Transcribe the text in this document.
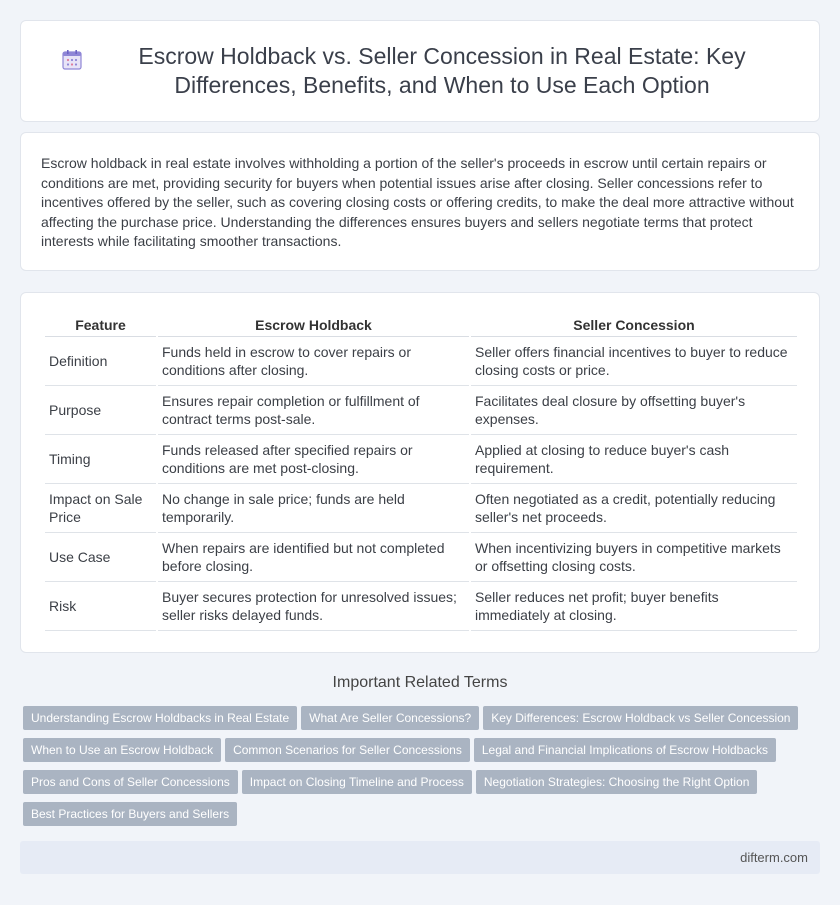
Escrow Holdback vs. Seller Concession in Real Estate: Key Differences, Benefits, and When to Use Each Option

Escrow holdback in real estate involves withholding a portion of the seller's proceeds in escrow until certain repairs or conditions are met, providing security for buyers when potential issues arise after closing. Seller concessions refer to incentives offered by the seller, such as covering closing costs or offering credits, to make the deal more attractive without affecting the purchase price. Understanding the differences ensures buyers and sellers negotiate terms that protect interests while facilitating smoother transactions.

Feature	Escrow Holdback	Seller Concession
Definition	Funds held in escrow to cover repairs or conditions after closing.	Seller offers financial incentives to buyer to reduce closing costs or price.
Purpose	Ensures repair completion or fulfillment of contract terms post-sale.	Facilitates deal closure by offsetting buyer's expenses.
Timing	Funds released after specified repairs or conditions are met post-closing.	Applied at closing to reduce buyer's cash requirement.
Impact on Sale Price	No change in sale price; funds are held temporarily.	Often negotiated as a credit, potentially reducing seller's net proceeds.
Use Case	When repairs are identified but not completed before closing.	When incentivizing buyers in competitive markets or offsetting closing costs.
Risk	Buyer secures protection for unresolved issues; seller risks delayed funds.	Seller reduces net profit; buyer benefits immediately at closing.
Important Related Terms
Understanding Escrow Holdbacks in Real Estate What Are Seller Concessions? Key Differences: Escrow Holdback vs Seller Concession
When to Use an Escrow Holdback Common Scenarios for Seller Concessions Legal and Financial Implications of Escrow Holdbacks
Pros and Cons of Seller Concessions Impact on Closing Timeline and Process Negotiation Strategies: Choosing the Right Option
Best Practices for Buyers and Sellers
difterm.com
